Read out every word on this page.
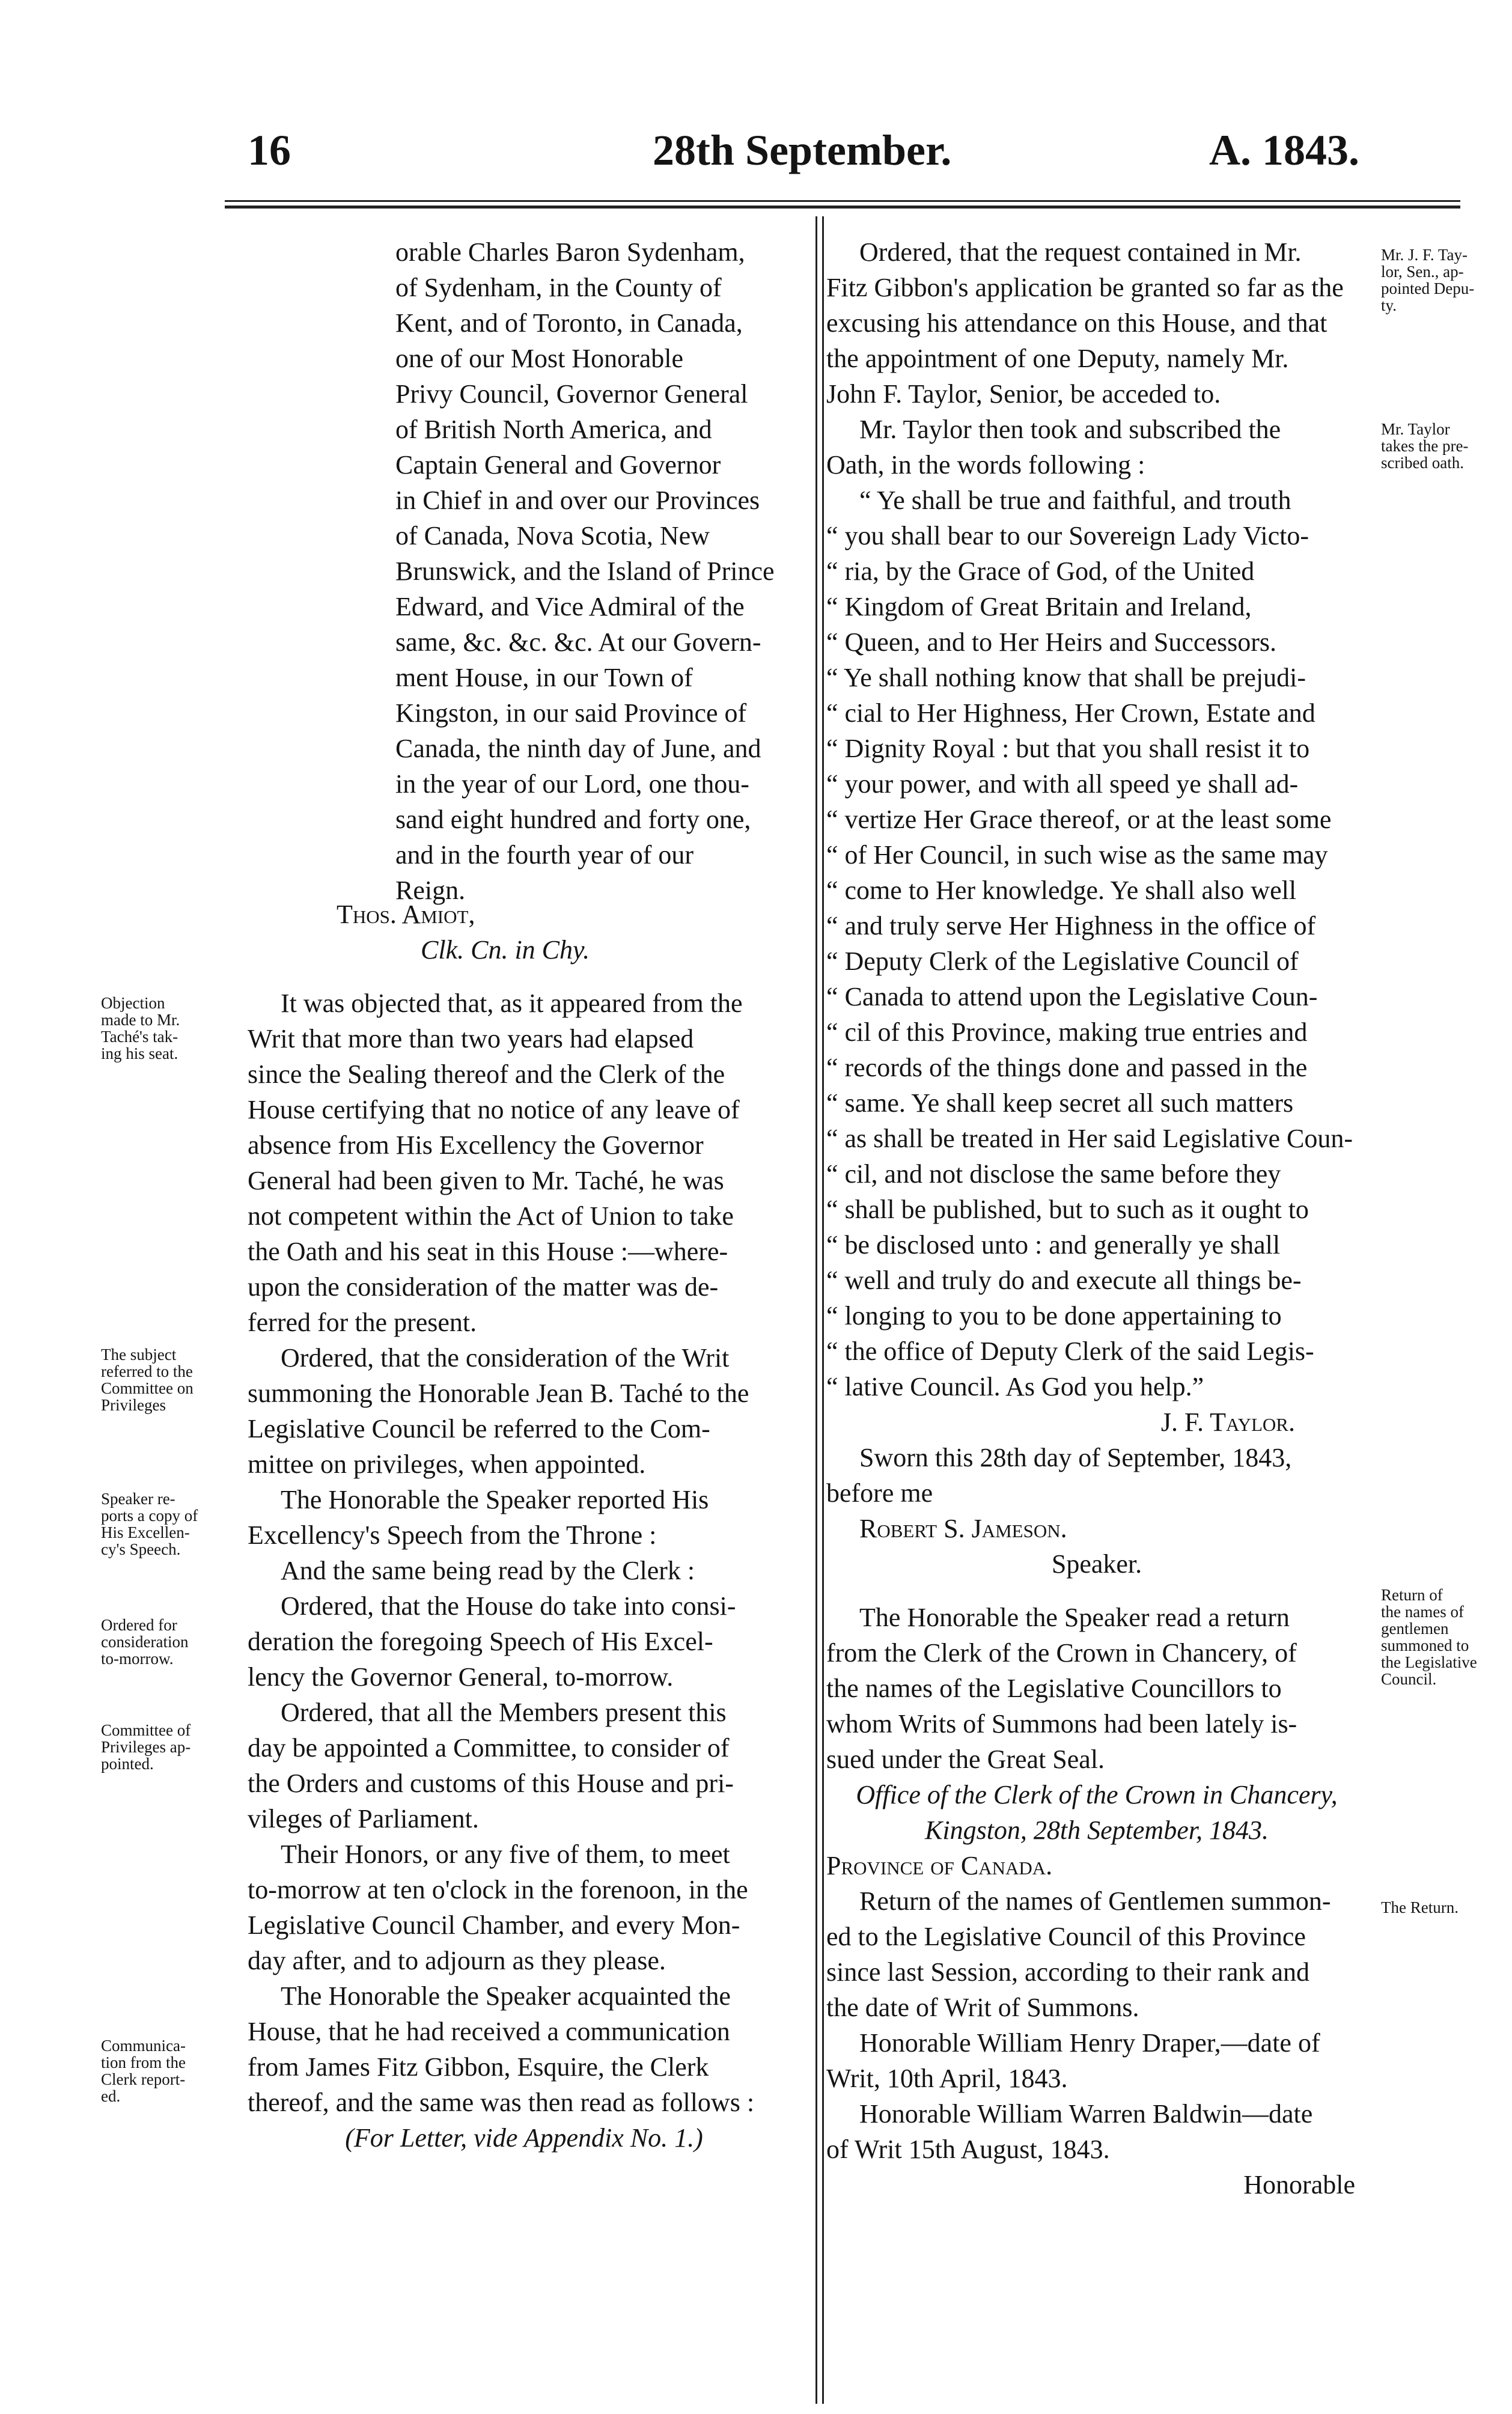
16	28th September.	A. 1843.
orable Charles Baron Sydenham,
of Sydenham, in the County of
Kent, and of Toronto, in Canada,
one of our Most Honorable
Privy Council, Governor General
of British North America, and
Captain General and Governor
in Chief in and over our Provinces
of Canada, Nova Scotia, New
Brunswick, and the Island of Prince
Edward, and Vice Admiral of the
same, &c. &c. &c. At our Govern-
ment House, in our Town of
Kingston, in our said Province of
Canada, the ninth day of June, and
in the year of our Lord, one thou-
sand eight hundred and forty one,
and in the fourth year of our
Reign.
Thos. Amiot,
Clk. Cn. in Chy.
It was objected that, as it appeared from the
Writ that more than two years had elapsed
since the Sealing thereof and the Clerk of the
House certifying that no notice of any leave of
absence from His Excellency the Governor
General had been given to Mr. Taché, he was
not competent within the Act of Union to take
the Oath and his seat in this House :—where-
upon the consideration of the matter was de-
ferred for the present.
Ordered, that the consideration of the Writ
summoning the Honorable Jean B. Taché to the
Legislative Council be referred to the Com-
mittee on privileges, when appointed.
The Honorable the Speaker reported His
Excellency's Speech from the Throne :
And the same being read by the Clerk :
Ordered, that the House do take into consi-
deration the foregoing Speech of His Excel-
lency the Governor General, to-morrow.
Ordered, that all the Members present this
day be appointed a Committee, to consider of
the Orders and customs of this House and pri-
vileges of Parliament.
Their Honors, or any five of them, to meet
to-morrow at ten o'clock in the forenoon, in the
Legislative Council Chamber, and every Mon-
day after, and to adjourn as they please.
The Honorable the Speaker acquainted the
House, that he had received a communication
from James Fitz Gibbon, Esquire, the Clerk
thereof, and the same was then read as follows :
(For Letter, vide Appendix No. 1.)
Ordered, that the request contained in Mr.
Fitz Gibbon's application be granted so far as the
excusing his attendance on this House, and that
the appointment of one Deputy, namely Mr.
John F. Taylor, Senior, be acceded to.
Mr. Taylor then took and subscribed the
Oath, in the words following :
“ Ye shall be true and faithful, and trouth
“ you shall bear to our Sovereign Lady Victo-
“ ria, by the Grace of God, of the United
“ Kingdom of Great Britain and Ireland,
“ Queen, and to Her Heirs and Successors.
“ Ye shall nothing know that shall be prejudi-
“ cial to Her Highness, Her Crown, Estate and
“ Dignity Royal : but that you shall resist it to
“ your power, and with all speed ye shall ad-
“ vertize Her Grace thereof, or at the least some
“ of Her Council, in such wise as the same may
“ come to Her knowledge. Ye shall also well
“ and truly serve Her Highness in the office of
“ Deputy Clerk of the Legislative Council of
“ Canada to attend upon the Legislative Coun-
“ cil of this Province, making true entries and
“ records of the things done and passed in the
“ same. Ye shall keep secret all such matters
“ as shall be treated in Her said Legislative Coun-
“ cil, and not disclose the same before they
“ shall be published, but to such as it ought to
“ be disclosed unto : and generally ye shall
“ well and truly do and execute all things be-
“ longing to you to be done appertaining to
“ the office of Deputy Clerk of the said Legis-
“ lative Council. As God you help.”
J. F. Taylor.
Sworn this 28th day of September, 1843,
before me
Robert S. Jameson.
Speaker.
The Honorable the Speaker read a return
from the Clerk of the Crown in Chancery, of
the names of the Legislative Councillors to
whom Writs of Summons had been lately is-
sued under the Great Seal.
Office of the Clerk of the Crown in Chancery,
Kingston, 28th September, 1843.
Province of Canada.
Return of the names of Gentlemen summon-
ed to the Legislative Council of this Province
since last Session, according to their rank and
the date of Writ of Summons.
Honorable William Henry Draper,—date of
Writ, 10th April, 1843.
Honorable William Warren Baldwin—date
of Writ 15th August, 1843.
Honorable
Objection
made to Mr.
Taché's tak-
ing his seat.
The subject
referred to the
Committee on
Privileges
Speaker re-
ports a copy of
His Excellen-
cy's Speech.
Ordered for
consideration
to-morrow.
Committee of
Privileges ap-
pointed.
Communica-
tion from the
Clerk report-
ed.
Mr. J. F. Tay-
lor, Sen., ap-
pointed Depu-
ty.
Mr. Taylor
takes the pre-
scribed oath.
Return of
the names of
gentlemen
summoned to
the Legislative
Council.
The Return.
